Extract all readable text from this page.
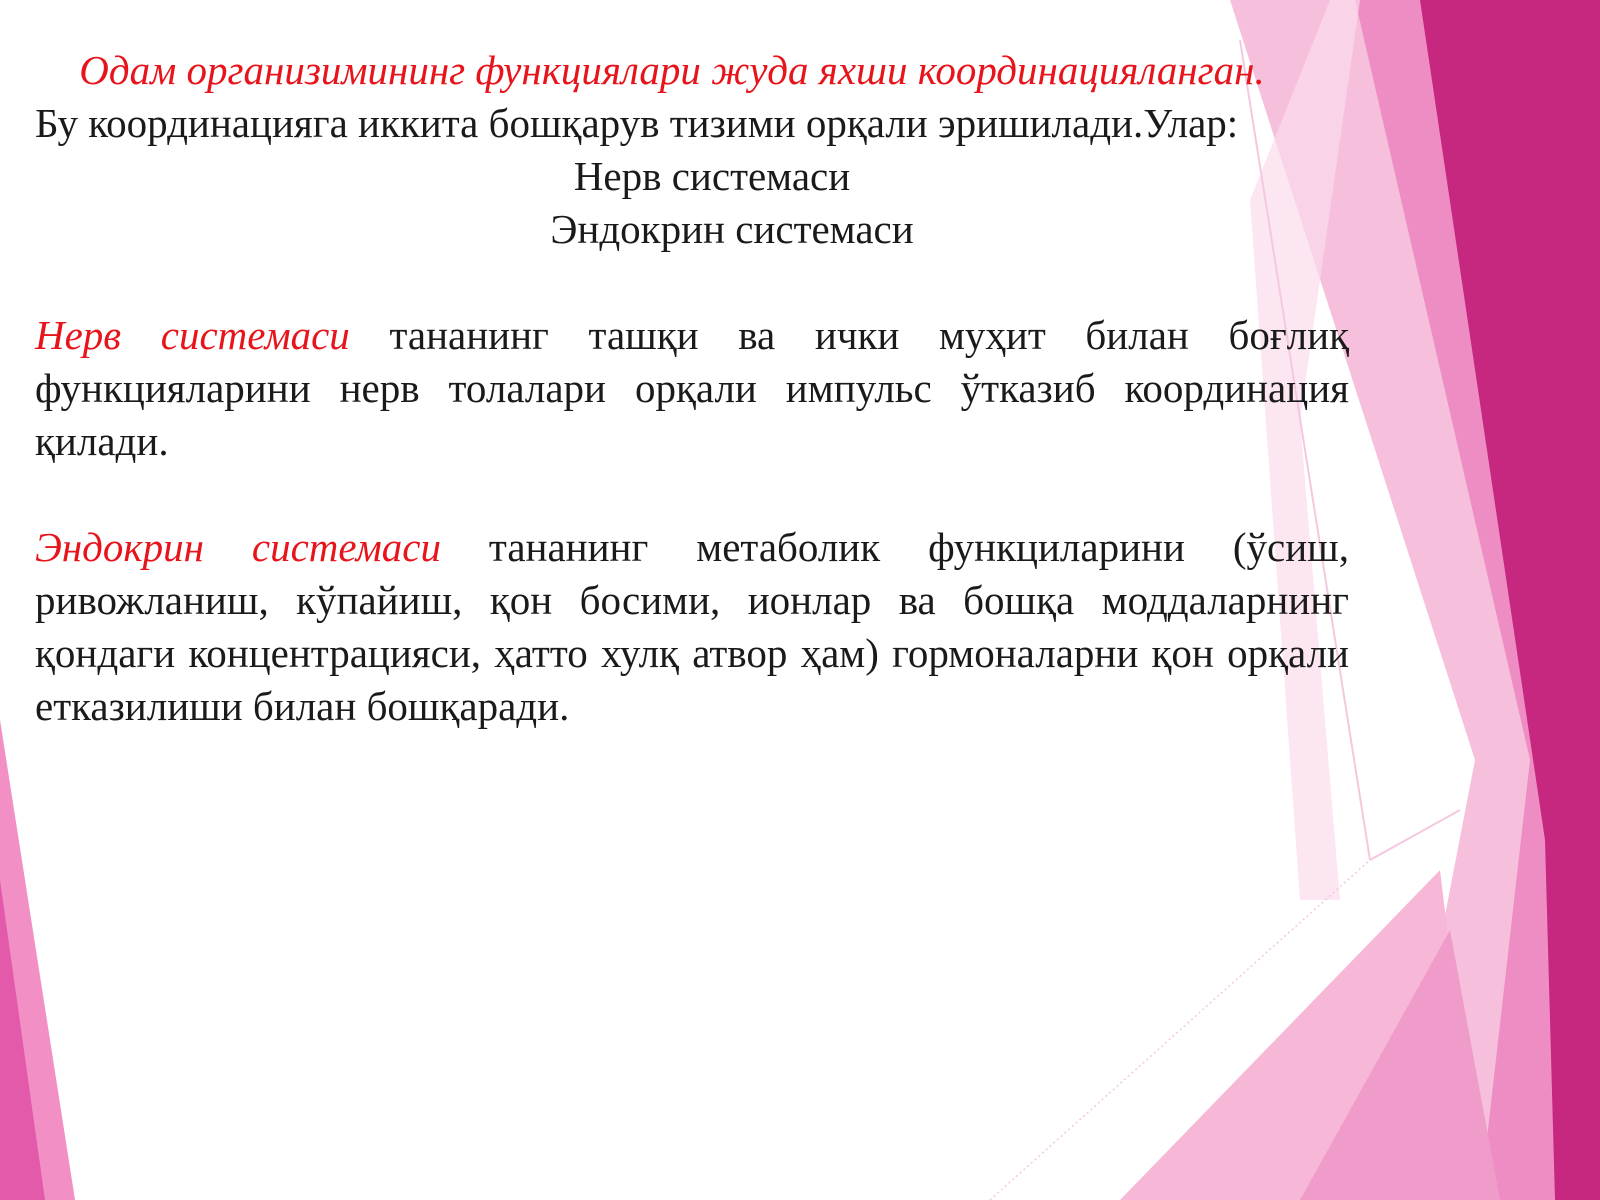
Одам организимининг функциялари жуда яхши координацияланган.

Бу координацияга иккита бошқарув тизими орқали эришилади.Улар:

Нерв системаси

Эндокрин системаси

Нерв системаси тананинг ташқи ва ички муҳит билан боғлиқ функцияларини нерв толалари орқали импульс ўтказиб координация қилади.

Эндокрин системаси тананинг метаболик функциларини (ўсиш, ривожланиш, кўпайиш, қон босими, ионлар ва бошқа моддаларнинг қондаги концентрацияси, ҳатто хулқ атвор ҳам) гормоналарни қон орқали етказилиши билан бошқаради.
